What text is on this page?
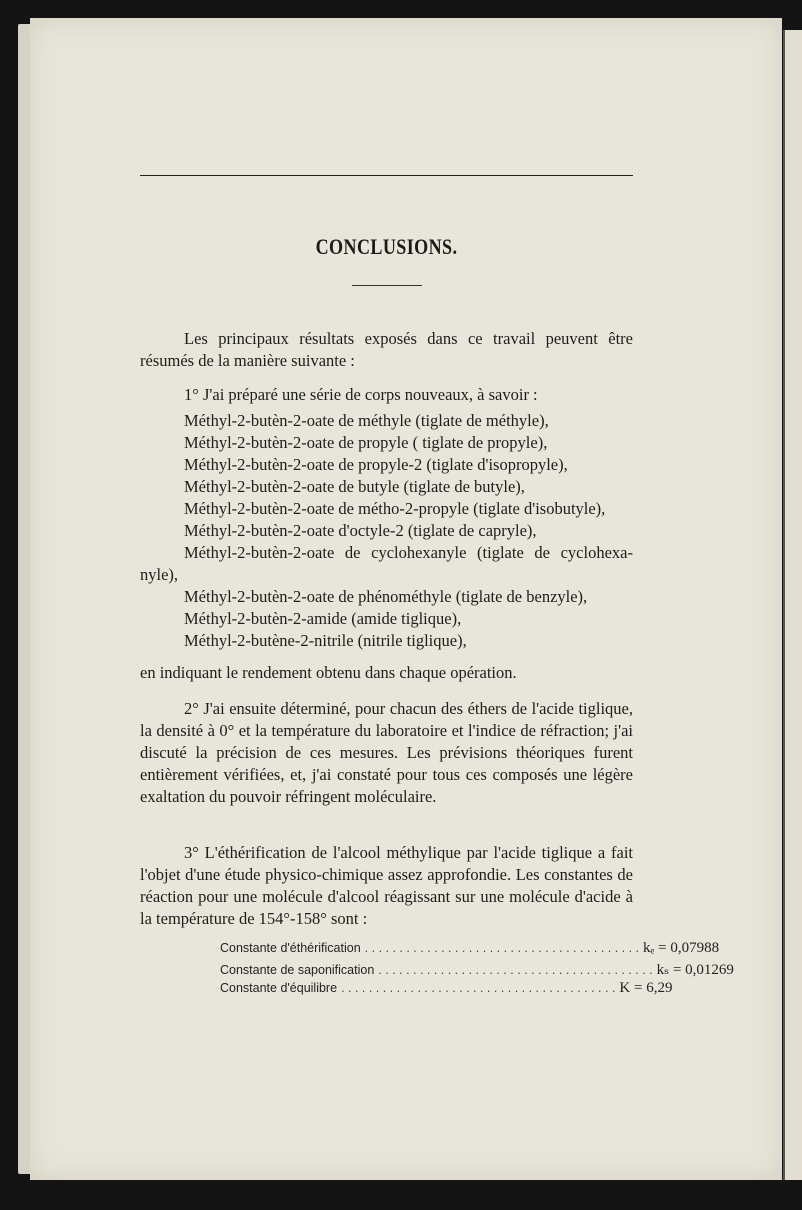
CONCLUSIONS.
Les principaux résultats exposés dans ce travail peuvent être résumés de la manière suivante :
1° J'ai préparé une série de corps nouveaux, à savoir :
Méthyl-2-butèn-2-oate de méthyle (tiglate de méthyle),
Méthyl-2-butèn-2-oate de propyle ( tiglate de propyle),
Méthyl-2-butèn-2-oate de propyle-2 (tiglate d'isopropyle),
Méthyl-2-butèn-2-oate de butyle (tiglate de butyle),
Méthyl-2-butèn-2-oate de métho-2-propyle (tiglate d'isobutyle),
Méthyl-2-butèn-2-oate d'octyle-2 (tiglate de capryle),
Méthyl-2-butèn-2-oate de cyclohexanyle (tiglate de cyclohexa- nyle),
Méthyl-2-butèn-2-oate de phénométhyle (tiglate de benzyle),
Méthyl-2-butèn-2-amide (amide tiglique),
Méthyl-2-butène-2-nitrile (nitrile tiglique),
en indiquant le rendement obtenu dans chaque opération.
2° J'ai ensuite déterminé, pour chacun des éthers de l'acide tiglique, la densité à 0° et la température du laboratoire et l'indice de réfraction; j'ai discuté la précision de ces mesures. Les prévisions théoriques furent entièrement vérifiées, et, j'ai constaté pour tous ces composés une légère exaltation du pouvoir réfringent moléculaire.
3° L'éthérification de l'alcool méthylique par l'acide tiglique a fait l'objet d'une étude physico-chimique assez approfondie. Les constantes de réaction pour une molécule d'alcool réagissant sur une molécule d'acide à la température de 154°-158° sont :
Constante d'éthérification . . . . . . . . . . . . . . . . . . . . . . . . . . . . . . . . . . . . . . . . kₑ = 0,07988
Constante de saponification . . . . . . . . . . . . . . . . . . . . . . . . . . . . . . . . . . . . . . . . kₛ = 0,01269
Constante d'équilibre . . . . . . . . . . . . . . . . . . . . . . . . . . . . . . . . . . . . . . . . K = 6,29
